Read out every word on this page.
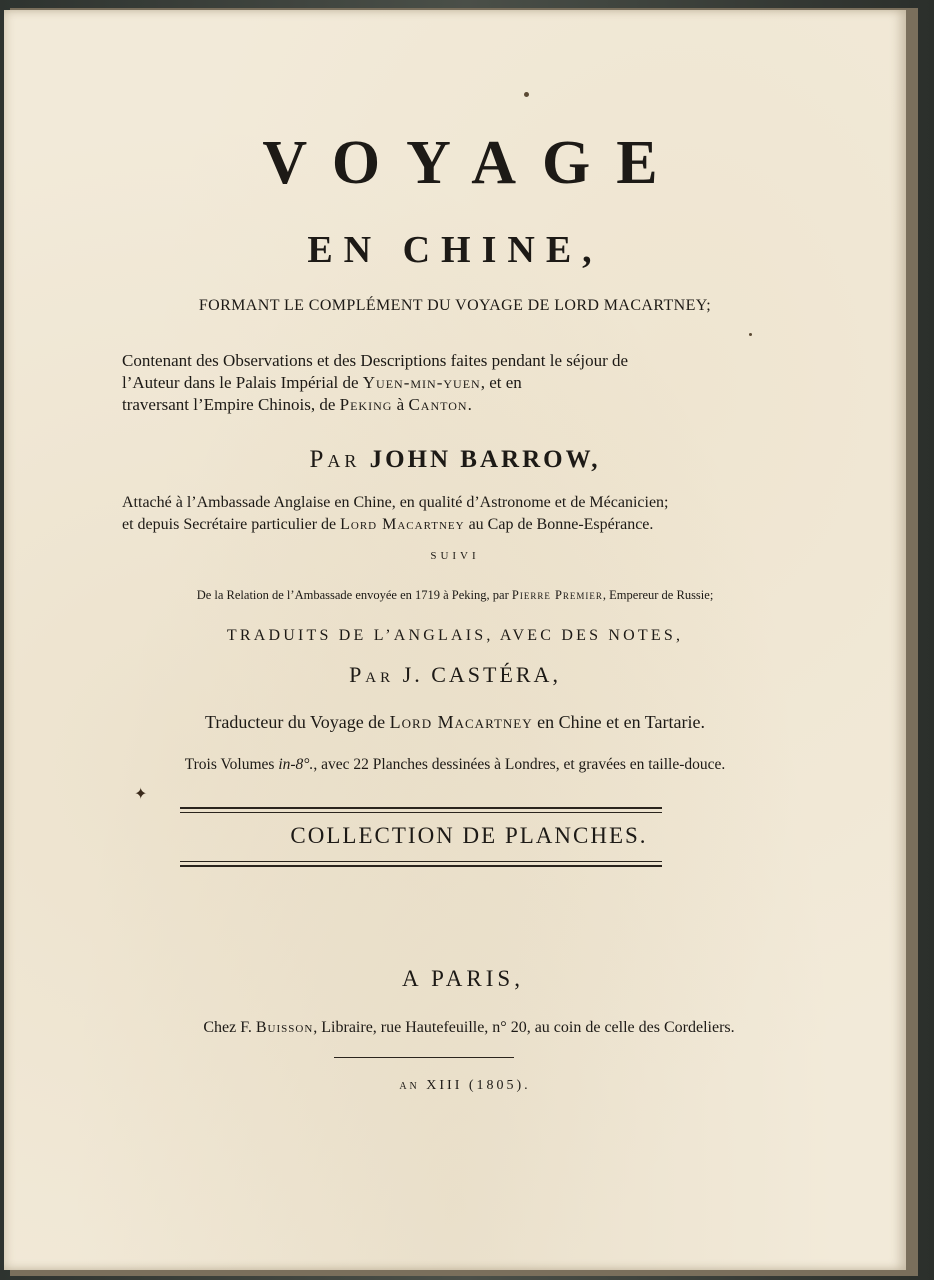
VOYAGE
EN CHINE,
FORMANT LE COMPLÉMENT DU VOYAGE DE LORD MACARTNEY;
Contenant des Observations et des Descriptions faites pendant le séjour de
l’Auteur dans le Palais Impérial de Yuen-min-yuen, et en
traversant l’Empire Chinois, de Peking à Canton.
Par JOHN BARROW,
Attaché à l’Ambassade Anglaise en Chine, en qualité d’Astronome et de Mécanicien;
et depuis Secrétaire particulier de Lord Macartney au Cap de Bonne-Espérance.
SUIVI
De la Relation de l’Ambassade envoyée en 1719 à Peking, par Pierre Premier, Empereur de Russie;
TRADUITS DE L’ANGLAIS, AVEC DES NOTES,
Par J. CASTÉRA,
Traducteur du Voyage de Lord Macartney en Chine et en Tartarie.
Trois Volumes in-8°., avec 22 Planches dessinées à Londres, et gravées en taille-douce.
✦
COLLECTION DE PLANCHES.
A PARIS,
Chez F. Buisson, Libraire, rue Hautefeuille, n° 20, au coin de celle des Cordeliers.
an XIII (1805).
